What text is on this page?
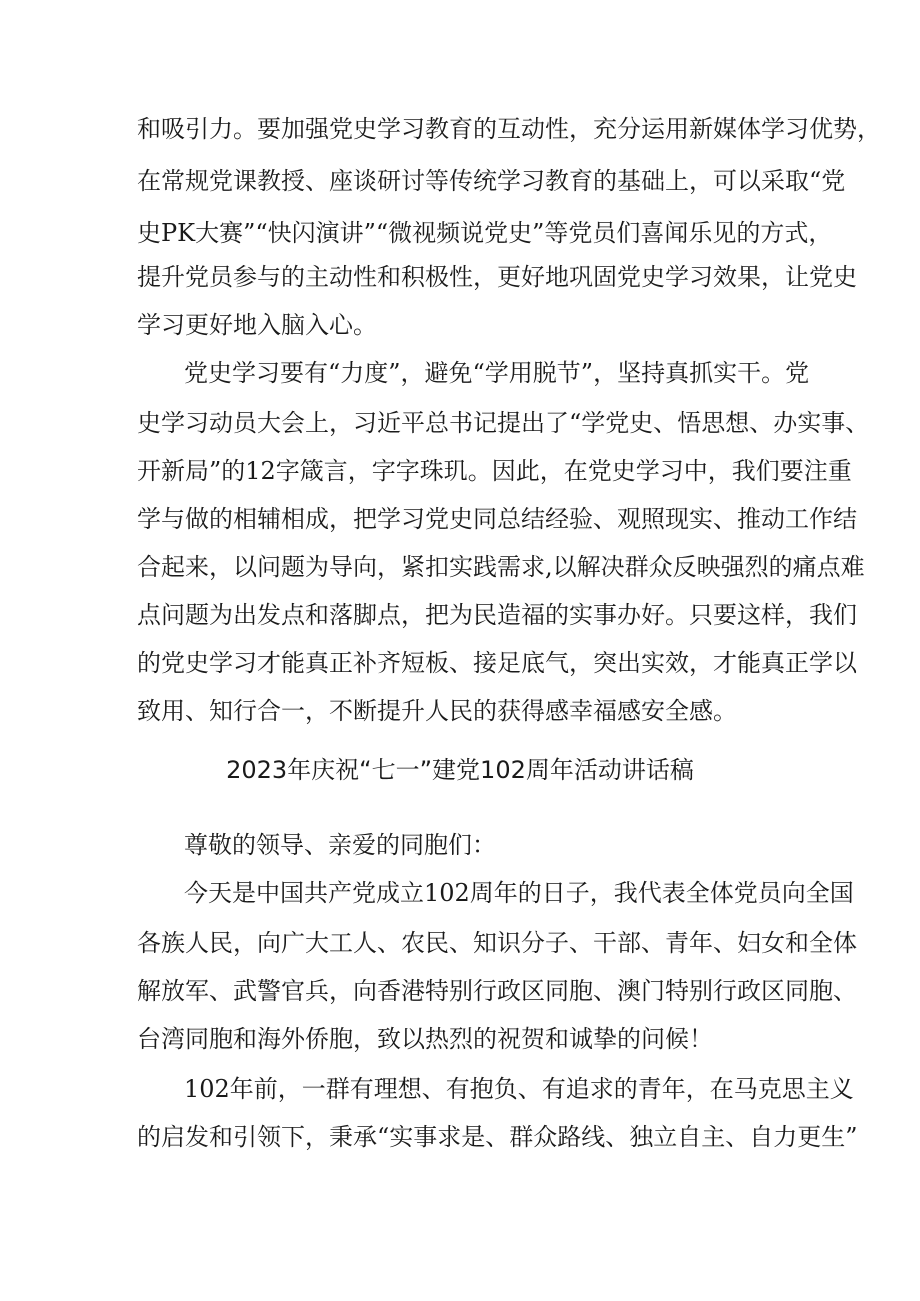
和吸引力。要加强党史学习教育的互动性，充分运用新媒体学习优势，
在常规党课教授、座谈研讨等传统学习教育的基础上，可以采取“党
史PK大赛”“快闪演讲”“微视频说党史”等党员们喜闻乐见的方式，
提升党员参与的主动性和积极性，更好地巩固党史学习效果，让党史
学习更好地入脑入心。
党史学习要有“力度”，避免“学用脱节”，坚持真抓实干。党
史学习动员大会上，习近平总书记提出了“学党史、悟思想、办实事、
开新局”的12字箴言，字字珠玑。因此，在党史学习中，我们要注重
学与做的相辅相成，把学习党史同总结经验、观照现实、推动工作结
合起来，以问题为导向，紧扣实践需求,以解决群众反映强烈的痛点难
点问题为出发点和落脚点，把为民造福的实事办好。只要这样，我们
的党史学习才能真正补齐短板、接足底气，突出实效，才能真正学以
致用、知行合一，不断提升人民的获得感幸福感安全感。
2023年庆祝“七一”建党102周年活动讲话稿
尊敬的领导、亲爱的同胞们：
今天是中国共产党成立102周年的日子，我代表全体党员向全国
各族人民，向广大工人、农民、知识分子、干部、青年、妇女和全体
解放军、武警官兵，向香港特别行政区同胞、澳门特别行政区同胞、
台湾同胞和海外侨胞，致以热烈的祝贺和诚挚的问候！
102年前，一群有理想、有抱负、有追求的青年，在马克思主义
的启发和引领下，秉承“实事求是、群众路线、独立自主、自力更生”
